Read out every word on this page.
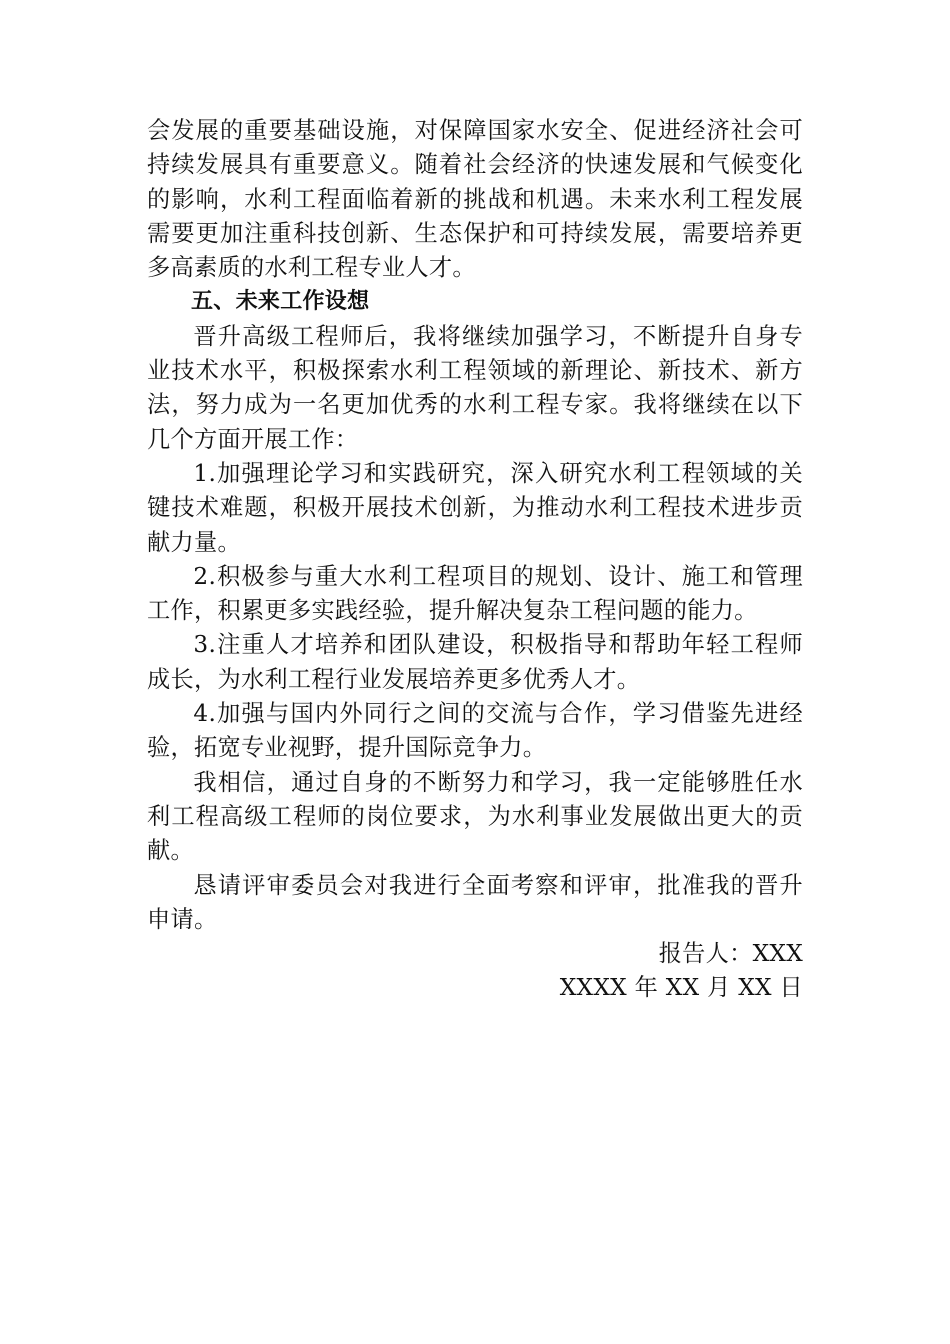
会发展的重要基础设施，对保障国家水安全、促进经济社会可持续发展具有重要意义。随着社会经济的快速发展和气候变化的影响，水利工程面临着新的挑战和机遇。未来水利工程发展需要更加注重科技创新、生态保护和可持续发展，需要培养更多高素质的水利工程专业人才。

五、未来工作设想

晋升高级工程师后，我将继续加强学习，不断提升自身专业技术水平，积极探索水利工程领域的新理论、新技术、新方法，努力成为一名更加优秀的水利工程专家。我将继续在以下几个方面开展工作：

1.加强理论学习和实践研究，深入研究水利工程领域的关键技术难题，积极开展技术创新，为推动水利工程技术进步贡献力量。

2.积极参与重大水利工程项目的规划、设计、施工和管理工作，积累更多实践经验，提升解决复杂工程问题的能力。

3.注重人才培养和团队建设，积极指导和帮助年轻工程师成长，为水利工程行业发展培养更多优秀人才。

4.加强与国内外同行之间的交流与合作，学习借鉴先进经验，拓宽专业视野，提升国际竞争力。

我相信，通过自身的不断努力和学习，我一定能够胜任水利工程高级工程师的岗位要求，为水利事业发展做出更大的贡献。

恳请评审委员会对我进行全面考察和评审，批准我的晋升申请。

报告人：XXX

XXXX 年 XX 月 XX 日
